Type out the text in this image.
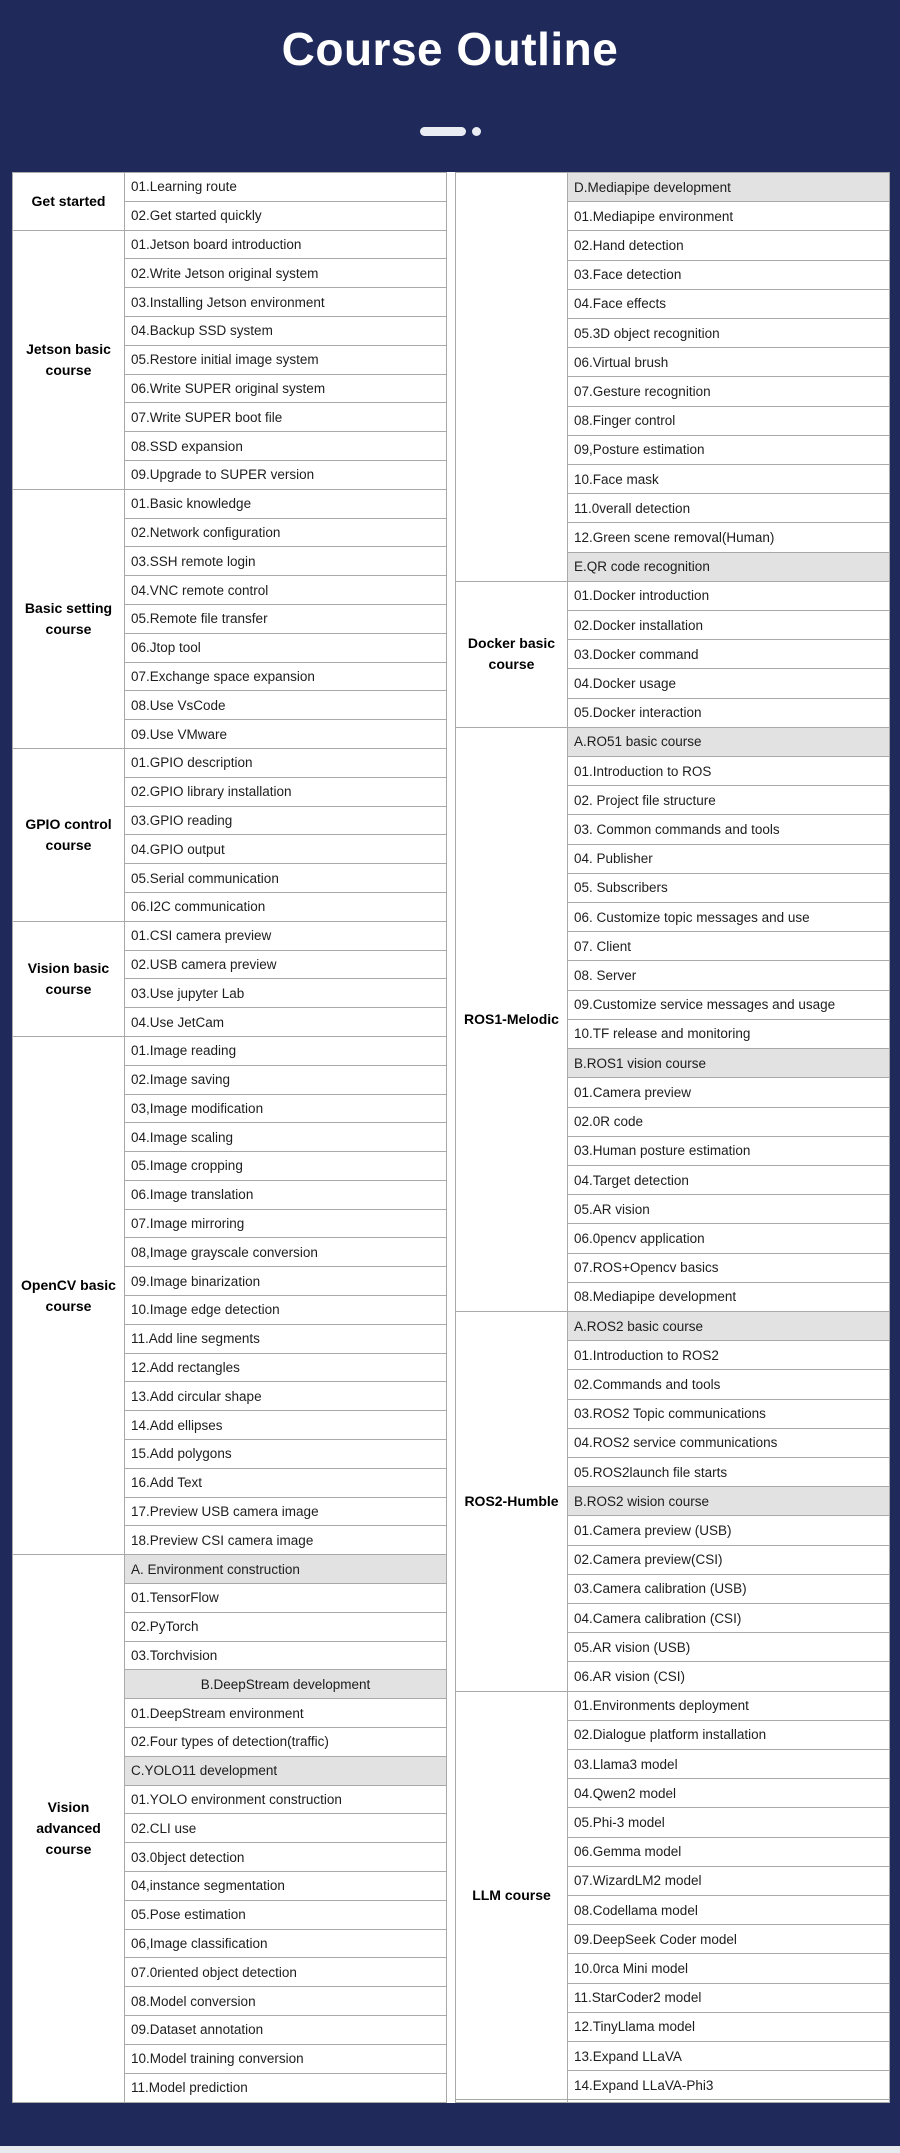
Course Outline
Get started	01.Learning route
	02.Get started quickly
Jetson basic course	01.Jetson board introduction
	02.Write Jetson original system
	03.Installing Jetson environment
	04.Backup SSD system
	05.Restore initial image system
	06.Write SUPER original system
	07.Write SUPER boot file
	08.SSD expansion
	09.Upgrade to SUPER version
Basic setting course	01.Basic knowledge
	02.Network configuration
	03.SSH remote login
	04.VNC remote control
	05.Remote file transfer
	06.Jtop tool
	07.Exchange space expansion
	08.Use VsCode
	09.Use VMware
GPIO control course	01.GPIO description
	02.GPIO library installation
	03.GPIO reading
	04.GPIO output
	05.Serial communication
	06.I2C communication
Vision basic course	01.CSI camera preview
	02.USB camera preview
	03.Use jupyter Lab
	04.Use JetCam
OpenCV basic course	01.Image reading
	02.Image saving
	03,Image modification
	04.Image scaling
	05.Image cropping
	06.Image translation
	07.Image mirroring
	08,Image grayscale conversion
	09.Image binarization
	10.Image edge detection
	11.Add line segments
	12.Add rectangles
	13.Add circular shape
	14.Add ellipses
	15.Add polygons
	16.Add Text
	17.Preview USB camera image
	18.Preview CSI camera image
Vision advanced course	A. Environment construction
	01.TensorFlow
	02.PyTorch
	03.Torchvision
	B.DeepStream development
	01.DeepStream environment
	02.Four types of detection(traffic)
	C.YOLO11 development
	01.YOLO environment construction
	02.CLI use
	03.0bject detection
	04,instance segmentation
	05.Pose estimation
	06,Image classification
	07.0riented object detection
	08.Model conversion
	09.Dataset annotation
	10.Model training conversion
	11.Model prediction
	D.Mediapipe development
	01.Mediapipe environment
	02.Hand detection
	03.Face detection
	04.Face effects
	05.3D object recognition
	06.Virtual brush
	07.Gesture recognition
	08.Finger control
	09,Posture estimation
	10.Face mask
	11.0verall detection
	12.Green scene removal(Human)
	E.QR code recognition
Docker basic course	01.Docker introduction
	02.Docker installation
	03.Docker command
	04.Docker usage
	05.Docker interaction
ROS1-Melodic	A.RO51 basic course
	01.Introduction to ROS
	02. Project file structure
	03. Common commands and tools
	04. Publisher
	05. Subscribers
	06. Customize topic messages and use
	07. Client
	08. Server
	09.Customize service messages and usage
	10.TF release and monitoring
	B.ROS1 vision course
	01.Camera preview
	02.0R code
	03.Human posture estimation
	04.Target detection
	05.AR vision
	06.0pencv application
	07.ROS+Opencv basics
	08.Mediapipe development
ROS2-Humble	A.ROS2 basic course
	01.Introduction to ROS2
	02.Commands and tools
	03.ROS2 Topic communications
	04.ROS2 service communications
	05.ROS2launch file starts
	B.ROS2 wision course
	01.Camera preview (USB)
	02.Camera preview(CSI)
	03.Camera calibration (USB)
	04.Camera calibration (CSI)
	05.AR vision (USB)
	06.AR vision (CSI)
LLM course	01.Environments deployment
	02.Dialogue platform installation
	03.Llama3 model
	04.Qwen2 model
	05.Phi-3 model
	06.Gemma model
	07.WizardLM2 model
	08.Codellama model
	09.DeepSeek Coder model
	10.0rca Mini model
	11.StarCoder2 model
	12.TinyLlama model
	13.Expand LLaVA
	14.Expand LLaVA-Phi3
